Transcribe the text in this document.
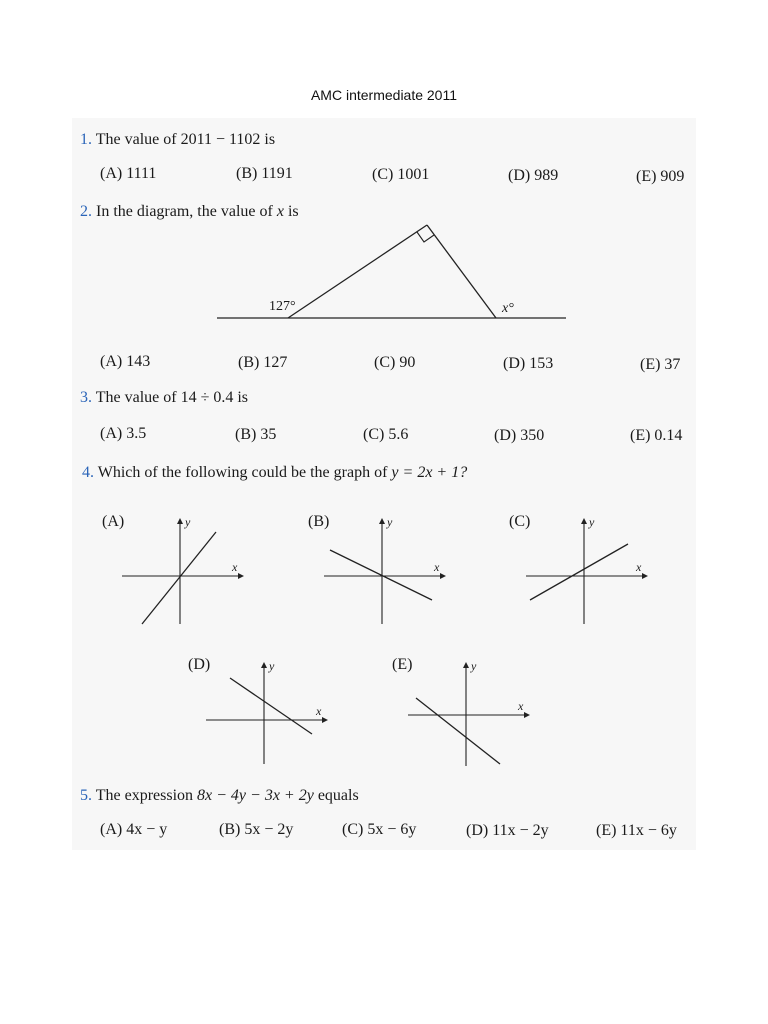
AMC intermediate 2011
1. The value of 2011 − 1102 is
(A) 1111	(B) 1191	(C) 1001	(D) 989	(E) 909
2. In the diagram, the value of x is
127°	x°
(A) 143	(B) 127	(C) 90	(D) 153	(E) 37
3. The value of 14 ÷ 0.4 is
(A) 3.5	(B) 35	(C) 5.6	(D) 350	(E) 0.14
4. Which of the following could be the graph of y = 2x + 1?
(A)
x
y	(B)
x
y	(C)
x
y
(D)
x
y	(E)
x
y
5. The expression 8x − 4y − 3x + 2y equals
(A) 4x − y	(B) 5x − 2y	(C) 5x − 6y	(D) 11x − 2y	(E) 11x − 6y
